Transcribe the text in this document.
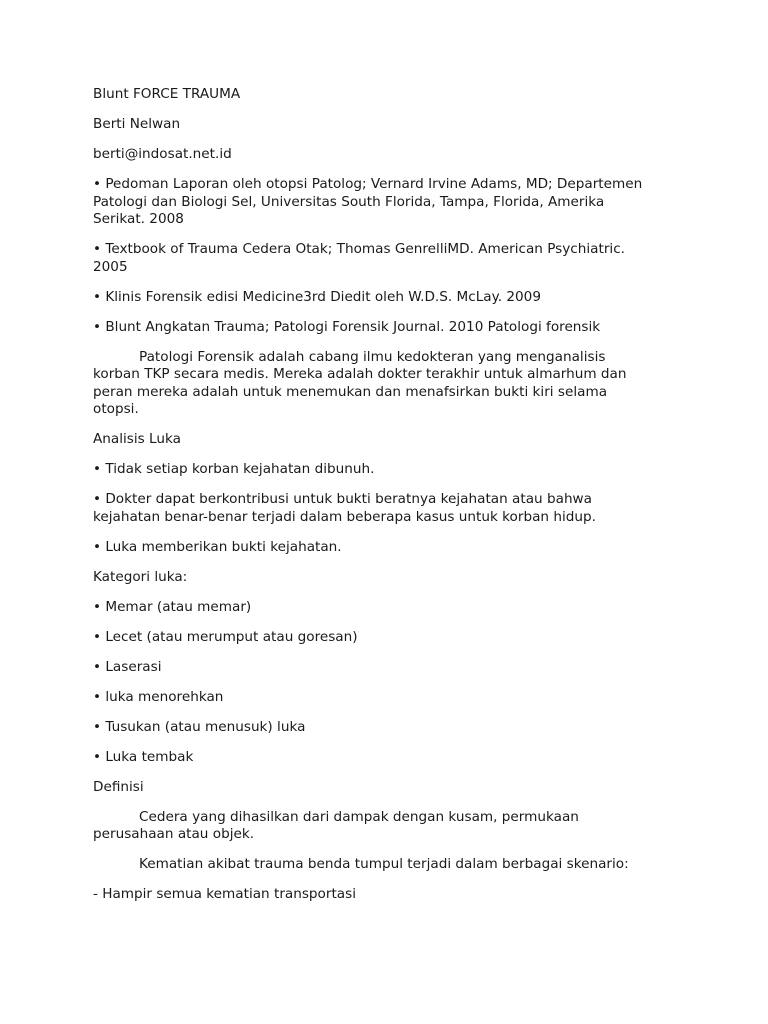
Blunt FORCE TRAUMA
Berti Nelwan
berti@indosat.net.id
• Pedoman Laporan oleh otopsi Patolog; Vernard Irvine Adams, MD; Departemen
Patologi dan Biologi Sel, Universitas South Florida, Tampa, Florida, Amerika
Serikat. 2008
• Textbook of Trauma Cedera Otak; Thomas GenrelliMD. American Psychiatric.
2005
• Klinis Forensik edisi Medicine3rd Diedit oleh W.D.S. McLay. 2009
• Blunt Angkatan Trauma; Patologi Forensik Journal. 2010 Patologi forensik
Patologi Forensik adalah cabang ilmu kedokteran yang menganalisis
korban TKP secara medis. Mereka adalah dokter terakhir untuk almarhum dan
peran mereka adalah untuk menemukan dan menafsirkan bukti kiri selama
otopsi.
Analisis Luka
• Tidak setiap korban kejahatan dibunuh.
• Dokter dapat berkontribusi untuk bukti beratnya kejahatan atau bahwa
kejahatan benar-benar terjadi dalam beberapa kasus untuk korban hidup.
• Luka memberikan bukti kejahatan.
Kategori luka:
• Memar (atau memar)
• Lecet (atau merumput atau goresan)
• Laserasi
• luka menorehkan
• Tusukan (atau menusuk) luka
• Luka tembak
Definisi
Cedera yang dihasilkan dari dampak dengan kusam, permukaan
perusahaan atau objek.
Kematian akibat trauma benda tumpul terjadi dalam berbagai skenario:
- Hampir semua kematian transportasi
